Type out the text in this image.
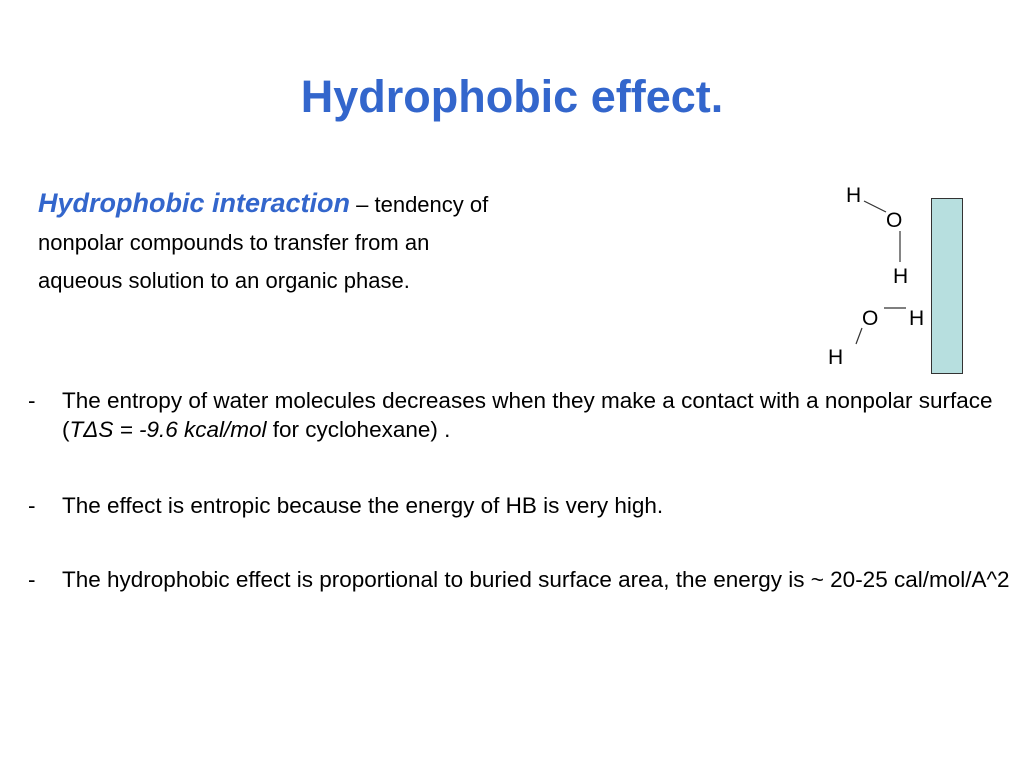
Hydrophobic effect.
Hydrophobic interaction – tendency of
nonpolar compounds to transfer from an
aqueous solution to an organic phase.
H
O
H
O H
H
- The entropy of water molecules decreases when they make a contact with a nonpolar surface (TΔS = -9.6 kcal/mol for cyclohexane) .
- The effect is entropic because the energy of HB is very high.
- The hydrophobic effect is proportional to buried surface area, the energy is ~ 20-25 cal/mol/A^2
